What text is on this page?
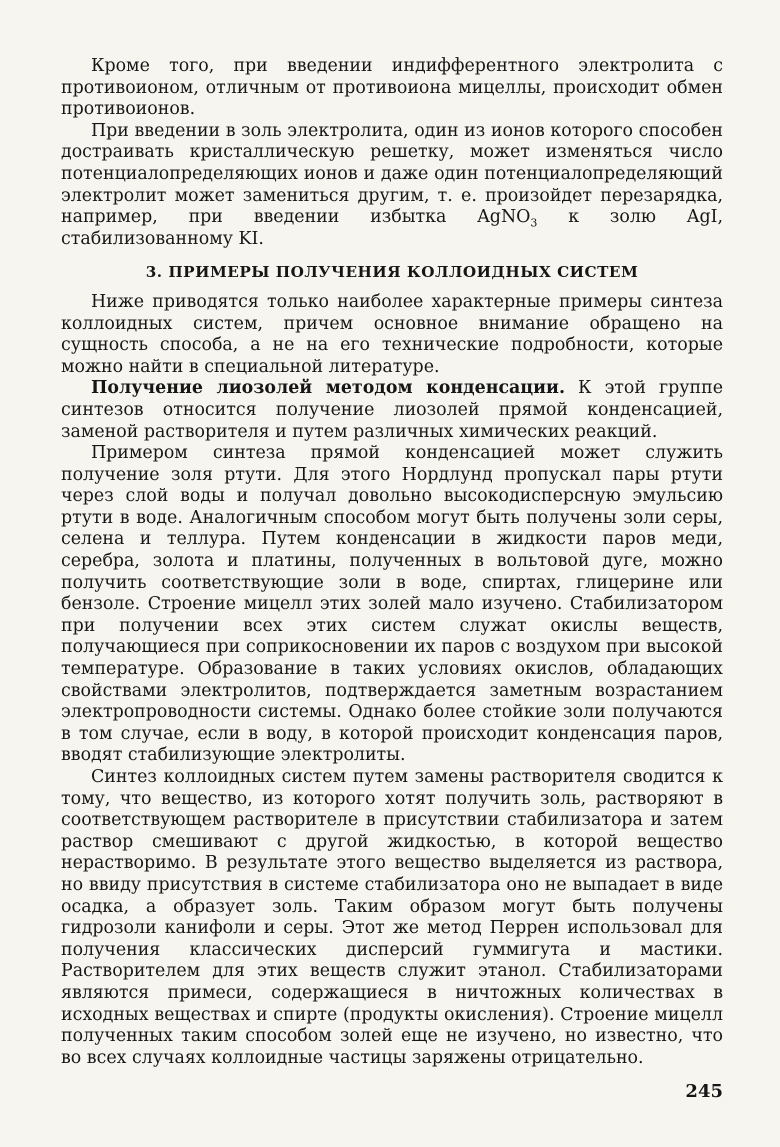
Кроме того, при введении индифферентного электролита с противоионом, отличным от противоиона мицеллы, происходит обмен противоионов.

При введении в золь электролита, один из ионов которого способен достраивать кристаллическую решетку, может изменяться число потенциалопределяющих ионов и даже один потенциалопределяющий электролит может замениться другим, т. е. произойдет перезарядка, например, при введении избытка AgNO$_3$ к золю AgI, стабилизованному KI.

3. ПРИМЕРЫ ПОЛУЧЕНИЯ КОЛЛОИДНЫХ СИСТЕМ

Ниже приводятся только наиболее характерные примеры синтеза коллоидных систем, причем основное внимание обращено на сущность способа, а не на его технические подробности, которые можно найти в специальной литературе.

Получение лиозолей методом конденсации. К этой группе синтезов относится получение лиозолей прямой конденсацией, заменой растворителя и путем различных химических реакций.

Примером синтеза прямой конденсацией может служить получение золя ртути. Для этого Нордлунд пропускал пары ртути через слой воды и получал довольно высокодисперсную эмульсию ртути в воде. Аналогичным способом могут быть получены золи серы, селена и теллура. Путем конденсации в жидкости паров меди, серебра, золота и платины, полученных в вольтовой дуге, можно получить соответствующие золи в воде, спиртах, глицерине или бензоле. Строение мицелл этих золей мало изучено. Стабилизатором при получении всех этих систем служат окислы веществ, получающиеся при соприкосновении их паров с воздухом при высокой температуре. Образование в таких условиях окислов, обладающих свойствами электролитов, подтверждается заметным возрастанием электропроводности системы. Однако более стойкие золи получаются в том случае, если в воду, в которой происходит конденсация паров, вводят стабилизующие электролиты.

Синтез коллоидных систем путем замены растворителя сводится к тому, что вещество, из которого хотят получить золь, растворяют в соответствующем растворителе в присутствии стабилизатора и затем раствор смешивают с другой жидкостью, в которой вещество нерастворимо. В результате этого вещество выделяется из раствора, но ввиду присутствия в системе стабилизатора оно не выпадает в виде осадка, а образует золь. Таким образом могут быть получены гидрозоли канифоли и серы. Этот же метод Перрен использовал для получения классических дисперсий гуммигута и мастики. Растворителем для этих веществ служит этанол. Стабилизаторами являются примеси, содержащиеся в ничтожных количествах в исходных веществах и спирте (продукты окисления). Строение мицелл полученных таким способом золей еще не изучено, но известно, что во всех случаях коллоидные частицы заряжены отрицательно.

245
